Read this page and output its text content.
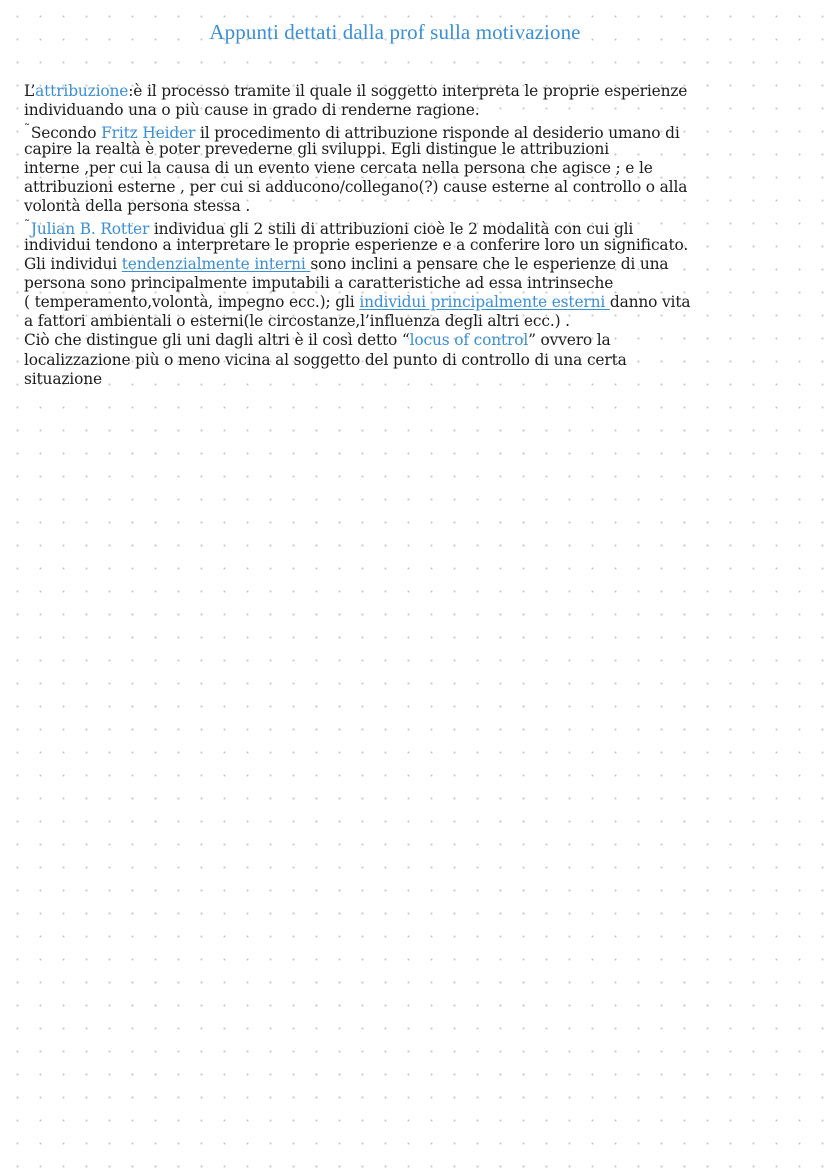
Appunti dettati dalla prof sulla motivazione
L’attribuzione:è il processo tramite il quale il soggetto interpreta le proprie esperienze
individuando una o più cause in grado di renderne ragione.
˜Secondo Fritz Heider il procedimento di attribuzione risponde al desiderio umano di
capire la realtà è poter prevederne gli sviluppi. Egli distingue le attribuzioni
interne ,per cui la causa di un evento viene cercata nella persona che agisce ; e le
attribuzioni esterne , per cui si adducono/collegano(?) cause esterne al controllo o alla
volontà della persona stessa .
˜Julian B. Rotter individua gli 2 stili di attribuzioni cioè le 2 modalità con cui gli
individui tendono a interpretare le proprie esperienze e a conferire loro un significato.
Gli individui tendenzialmente interni sono inclini a pensare che le esperienze di una
persona sono principalmente imputabili a caratteristiche ad essa intrinseche
( temperamento,volontà, impegno ecc.); gli individui principalmente esterni danno vita
a fattori ambientali o esterni(le circostanze,l’influenza degli altri ecc.) .
Ciò che distingue gli uni dagli altri è il così detto “locus of control” ovvero la
localizzazione più o meno vicina al soggetto del punto di controllo di una certa
situazione
